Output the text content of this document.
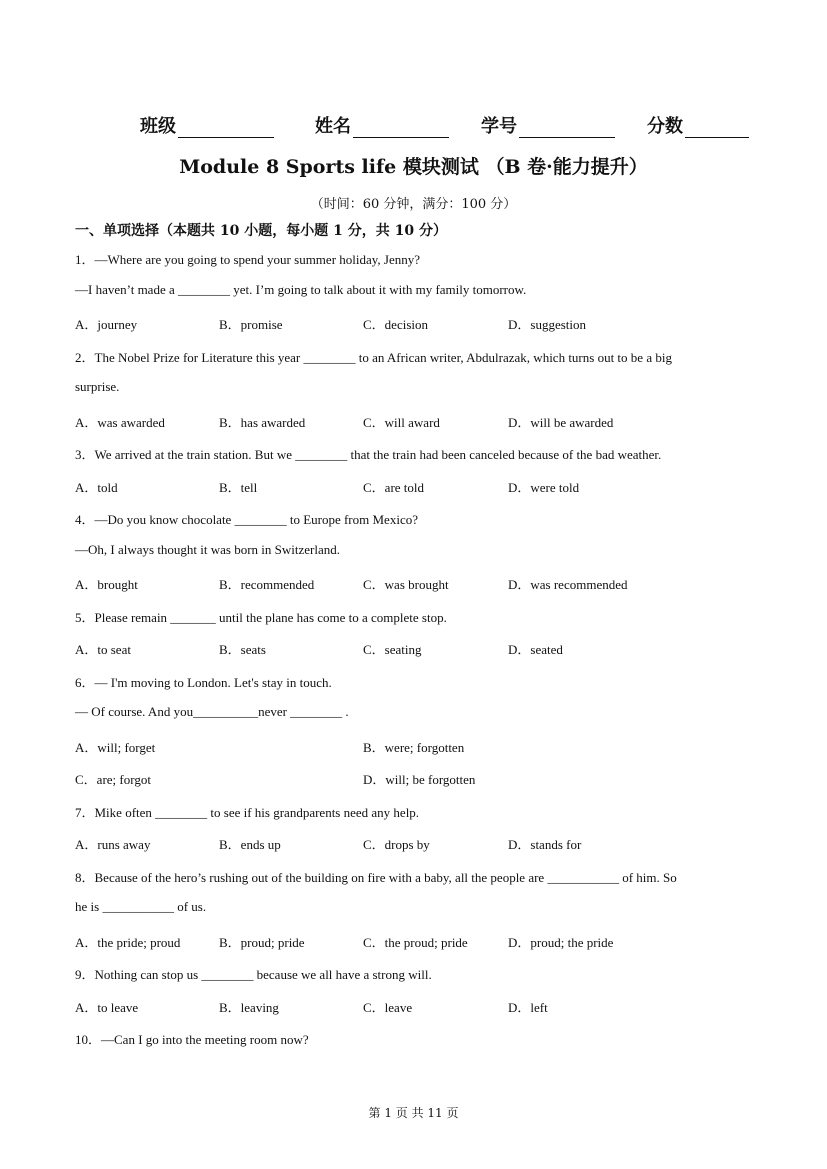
班级	姓名	学号	分数
Module 8 Sports life 模块测试 （B 卷·能力提升）
（时间：60 分钟，满分：100 分）
一、单项选择（本题共 10 小题，每小题 1 分，共 10 分）
1．—Where are you going to spend your summer holiday, Jenny?
—I haven’t made a ________ yet. I’m going to talk about it with my family tomorrow.
A．journey	B．promise	C．decision	D．suggestion
2．The Nobel Prize for Literature this year ________ to an African writer, Abdulrazak, which turns out to be a big
surprise.
A．was awarded	B．has awarded	C．will award	D．will be awarded
3．We arrived at the train station. But we ________ that the train had been canceled because of the bad weather.
A．told	B．tell	C．are told	D．were told
4．—Do you know chocolate ________ to Europe from Mexico?
—Oh, I always thought it was born in Switzerland.
A．brought	B．recommended	C．was brought	D．was recommended
5．Please remain _______ until the plane has come to a complete stop.
A．to seat	B．seats	C．seating	D．seated
6．— I'm moving to London. Let's stay in touch.
— Of course. And you__________never ________ .
A．will; forget	B．were; forgotten
C．are; forgot	D．will; be forgotten
7．Mike often ________ to see if his grandparents need any help.
A．runs away	B．ends up	C．drops by	D．stands for
8．Because of the hero’s rushing out of the building on fire with a baby, all the people are ___________ of him. So
he is ___________ of us.
A．the pride; proud	B．proud; pride	C．the proud; pride	D．proud; the pride
9．Nothing can stop us ________ because we all have a strong will.
A．to leave	B．leaving	C．leave	D．left
10．—Can I go into the meeting room now?
第 1 页 共 11 页
